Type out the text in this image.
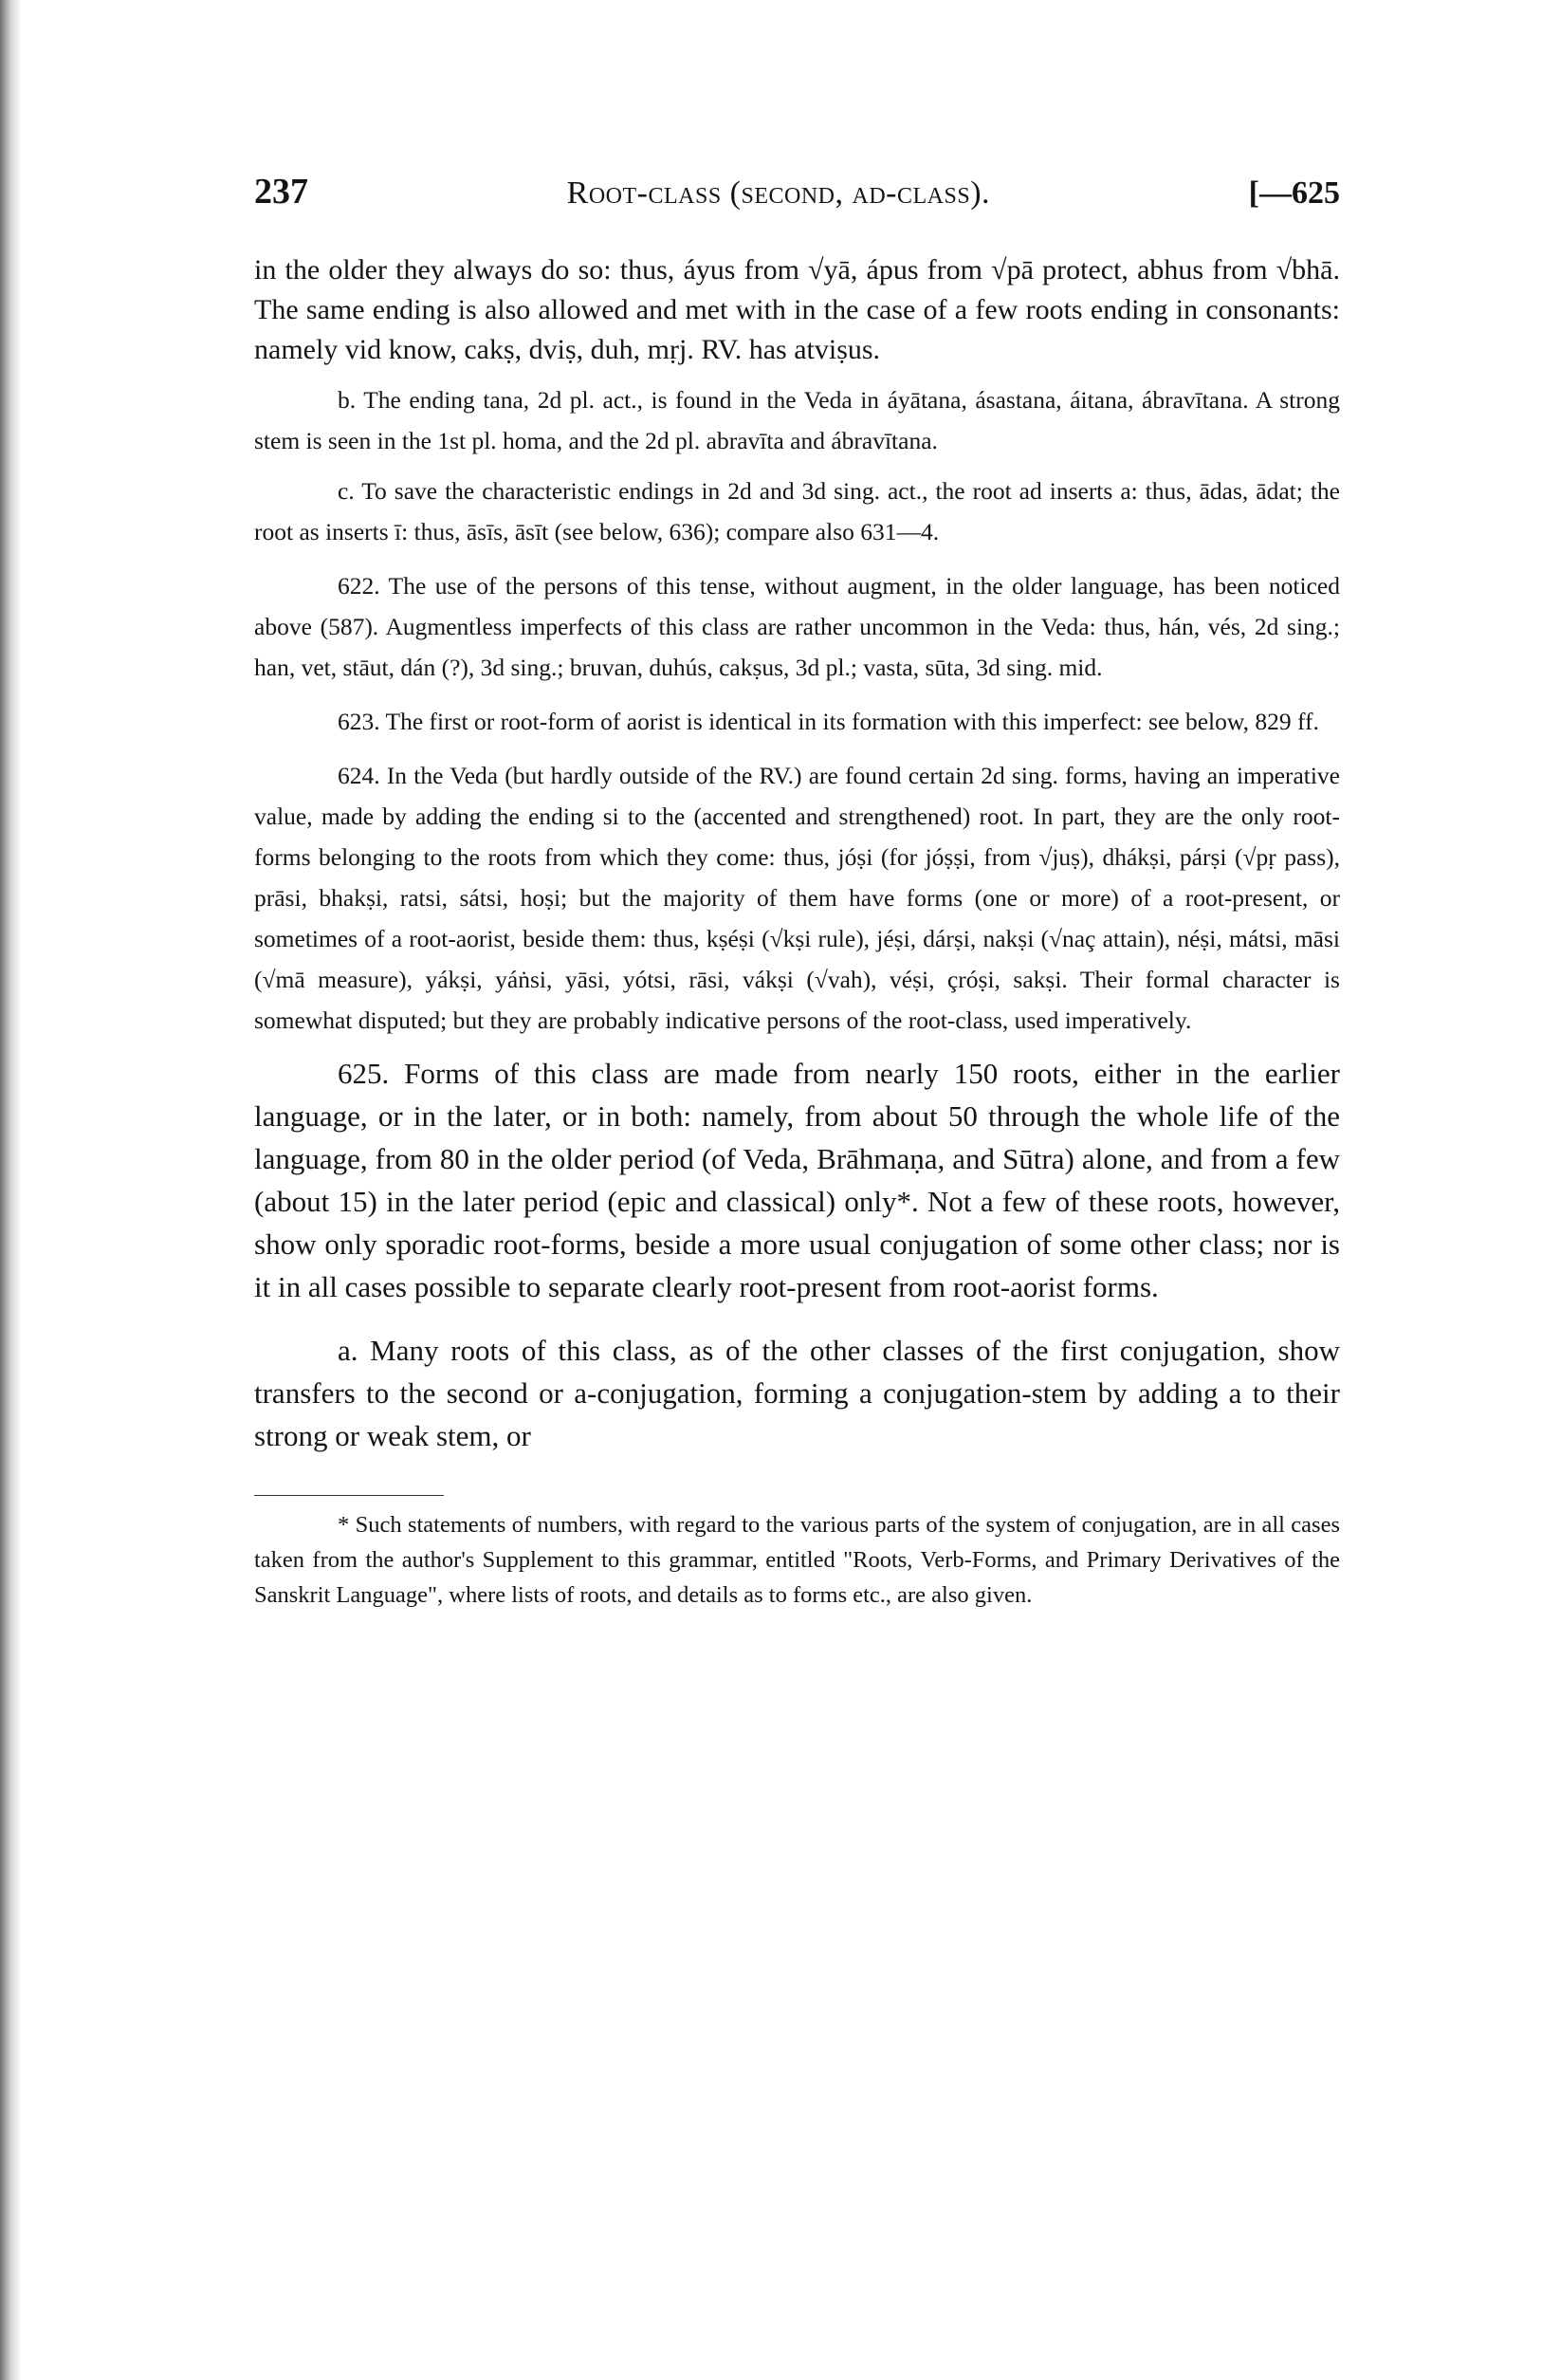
237	Root-class (second, ad-class).	[—625

in the older they always do so: thus, áyus from √yā, ápus from √pā protect, abhus from √bhā. The same ending is also allowed and met with in the case of a few roots ending in consonants: namely vid know, cakṣ, dviṣ, duh, mṛj. RV. has atviṣus.

b. The ending tana, 2d pl. act., is found in the Veda in áyātana, ásastana, áitana, ábravītana. A strong stem is seen in the 1st pl. homa, and the 2d pl. abravīta and ábravītana.

c. To save the characteristic endings in 2d and 3d sing. act., the root ad inserts a: thus, ādas, ādat; the root as inserts ī: thus, āsīs, āsīt (see below, 636); compare also 631—4.

622. The use of the persons of this tense, without augment, in the older language, has been noticed above (587). Augmentless imperfects of this class are rather uncommon in the Veda: thus, hán, vés, 2d sing.; han, vet, stāut, dán (?), 3d sing.; bruvan, duhús, cakṣus, 3d pl.; vasta, sūta, 3d sing. mid.

623. The first or root-form of aorist is identical in its formation with this imperfect: see below, 829 ff.

624. In the Veda (but hardly outside of the RV.) are found certain 2d sing. forms, having an imperative value, made by adding the ending si to the (accented and strengthened) root. In part, they are the only root-forms belonging to the roots from which they come: thus, jóṣi (for jóṣṣi, from √juṣ), dhákṣi, párṣi (√pṛ pass), prāsi, bhakṣi, ratsi, sátsi, hoṣi; but the majority of them have forms (one or more) of a root-present, or sometimes of a root-aorist, beside them: thus, kṣéṣi (√kṣi rule), jéṣi, dárṣi, nakṣi (√naç attain), néṣi, mátsi, māsi (√mā measure), yákṣi, yáṅsi, yāsi, yótsi, rāsi, vákṣi (√vah), véṣi, çróṣi, sakṣi. Their formal character is somewhat disputed; but they are probably indicative persons of the root-class, used imperatively.

625. Forms of this class are made from nearly 150 roots, either in the earlier language, or in the later, or in both: namely, from about 50 through the whole life of the language, from 80 in the older period (of Veda, Brāhmaṇa, and Sūtra) alone, and from a few (about 15) in the later period (epic and classical) only*. Not a few of these roots, however, show only sporadic root-forms, beside a more usual conjugation of some other class; nor is it in all cases possible to separate clearly root-present from root-aorist forms.

a. Many roots of this class, as of the other classes of the first conjugation, show transfers to the second or a-conjugation, forming a conjugation-stem by adding a to their strong or weak stem, or

* Such statements of numbers, with regard to the various parts of the system of conjugation, are in all cases taken from the author's Supplement to this grammar, entitled "Roots, Verb-Forms, and Primary Derivatives of the Sanskrit Language", where lists of roots, and details as to forms etc., are also given.
